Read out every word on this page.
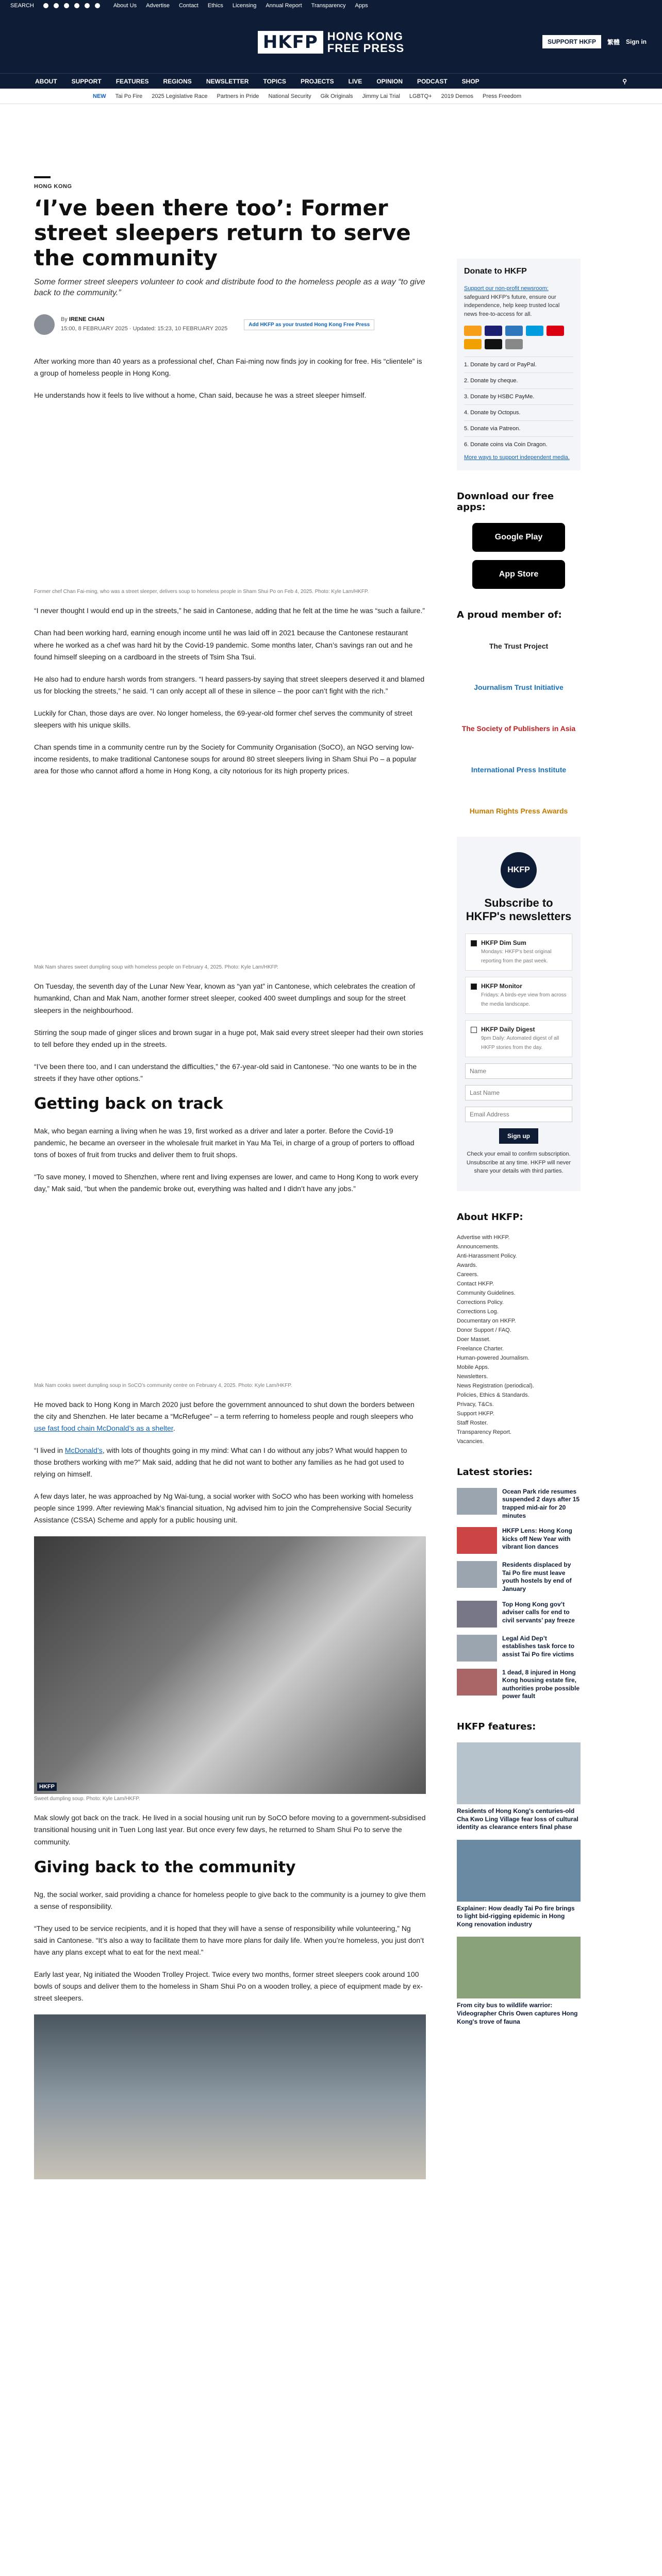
SEARCH	About Us Advertise Contact Ethics Licensing Annual Report Transparency Apps
HKFP HONG KONG
FREE PRESS	SUPPORT HKFP	繁體 Sign in
ABOUT SUPPORT FEATURES REGIONS NEWSLETTER TOPICS PROJECTS LIVE OPINION PODCAST SHOP	⚲
NEW Tai Po Fire 2025 Legislative Race Partners in Pride National Security Gik Originals Jimmy Lai Trial LGBTQ+ 2019 Demos Press Freedom
HONG KONG
‘I’ve been there too’: Former street sleepers return to serve the community

Some former street sleepers volunteer to cook and distribute food to the homeless people as a way “to give back to the community.”

By IRENE CHAN
15:00, 8 FEBRUARY 2025 · Updated: 15:23, 10 FEBRUARY 2025
Add HKFP as your trusted Hong Kong Free Press

After working more than 40 years as a professional chef, Chan Fai-ming now finds joy in cooking for free. His “clientele” is a group of homeless people in Hong Kong.

He understands how it feels to live without a home, Chan said, because he was a street sleeper himself.

Former chef Chan Fai-ming, who was a street sleeper, delivers soup to homeless people in Sham Shui Po on Feb 4, 2025. Photo: Kyle Lam/HKFP.

“I never thought I would end up in the streets,” he said in Cantonese, adding that he felt at the time he was “such a failure.”

Chan had been working hard, earning enough income until he was laid off in 2021 because the Cantonese restaurant where he worked as a chef was hard hit by the Covid-19 pandemic. Some months later, Chan’s savings ran out and he found himself sleeping on a cardboard in the streets of Tsim Sha Tsui.

He also had to endure harsh words from strangers. “I heard passers-by saying that street sleepers deserved it and blamed us for blocking the streets,” he said. “I can only accept all of these in silence – the poor can’t fight with the rich.”

Luckily for Chan, those days are over. No longer homeless, the 69-year-old former chef serves the community of street sleepers with his unique skills.

Chan spends time in a community centre run by the Society for Community Organisation (SoCO), an NGO serving low-income residents, to make traditional Cantonese soups for around 80 street sleepers living in Sham Shui Po – a popular area for those who cannot afford a home in Hong Kong, a city notorious for its high property prices.

Mak Nam shares sweet dumpling soup with homeless people on February 4, 2025. Photo: Kyle Lam/HKFP.

On Tuesday, the seventh day of the Lunar New Year, known as “yan yat” in Cantonese, which celebrates the creation of humankind, Chan and Mak Nam, another former street sleeper, cooked 400 sweet dumplings and soup for the street sleepers in the neighbourhood.

Stirring the soup made of ginger slices and brown sugar in a huge pot, Mak said every street sleeper had their own stories to tell before they ended up in the streets.

“I’ve been there too, and I can understand the difficulties,” the 67-year-old said in Cantonese. “No one wants to be in the streets if they have other options.”

Getting back on track

Mak, who began earning a living when he was 19, first worked as a driver and later a porter. Before the Covid-19 pandemic, he became an overseer in the wholesale fruit market in Yau Ma Tei, in charge of a group of porters to offload tons of boxes of fruit from trucks and deliver them to fruit shops.

“To save money, I moved to Shenzhen, where rent and living expenses are lower, and came to Hong Kong to work every day,” Mak said, “but when the pandemic broke out, everything was halted and I didn’t have any jobs.”

Mak Nam cooks sweet dumpling soup in SoCO’s community centre on February 4, 2025. Photo: Kyle Lam/HKFP.

He moved back to Hong Kong in March 2020 just before the government announced to shut down the borders between the city and Shenzhen. He later became a “McRefugee” – a term referring to homeless people and rough sleepers who use fast food chain McDonald’s as a shelter.

“I lived in McDonald’s, with lots of thoughts going in my mind: What can I do without any jobs? What would happen to those brothers working with me?” Mak said, adding that he did not want to bother any families as he had got used to relying on himself.

A few days later, he was approached by Ng Wai-tung, a social worker with SoCO who has been working with homeless people since 1999. After reviewing Mak’s financial situation, Ng advised him to join the Comprehensive Social Security Assistance (CSSA) Scheme and apply for a public housing unit.

HKFP
Sweet dumpling soup. Photo: Kyle Lam/HKFP.

Mak slowly got back on the track. He lived in a social housing unit run by SoCO before moving to a government-subsidised transitional housing unit in Tuen Long last year. But once every few days, he returned to Sham Shui Po to serve the community.

Giving back to the community

Ng, the social worker, said providing a chance for homeless people to give back to the community is a journey to give them a sense of responsibility.

“They used to be service recipients, and it is hoped that they will have a sense of responsibility while volunteering,” Ng said in Cantonese. “It’s also a way to facilitate them to have more plans for daily life. When you’re homeless, you just don’t have any plans except what to eat for the next meal.”

Early last year, Ng initiated the Wooden Trolley Project. Twice every two months, former street sleepers cook around 100 bowls of soups and deliver them to the homeless in Sham Shui Po on a wooden trolley, a piece of equipment made by ex-street sleepers.

Donate to HKFP
Support our non-profit newsroom:
safeguard HKFP's future, ensure our independence, help keep trusted local news free-to-access for all.
1. Donate by card or PayPal.
2. Donate by cheque.
3. Donate by HSBC PayMe.
4. Donate by Octopus.
5. Donate via Patreon.
6. Donate coins via Coin Dragon.
More ways to support independent media.
Download our free apps:
Google Play
App Store
A proud member of:
The Trust Project
Journalism Trust Initiative
The Society of Publishers in Asia
International Press Institute
Human Rights Press Awards
HKFP
Subscribe to HKFP's newsletters
HKFP Dim Sum
Mondays: HKFP's best original reporting from the past week.
HKFP Monitor
Fridays: A birds-eye view from across the media landscape.
HKFP Daily Digest
9pm Daily: Automated digest of all HKFP stories from the day.
Name Last Name Email Address
Sign up
Check your email to confirm subscription. Unsubscribe at any time. HKFP will never share your details with third parties.
About HKFP:
Advertise with HKFP.
Announcements.
Anti-Harassment Policy.
Awards.
Careers.
Contact HKFP.
Community Guidelines.
Corrections Policy.
Corrections Log.
Documentary on HKFP.
Donor Support / FAQ.
Doer Masset.
Freelance Charter.
Human-powered Journalism.
Mobile Apps.
Newsletters.
News Registration (periodical).
Policies, Ethics & Standards.
Privacy, T&Cs.
Support HKFP.
Staff Roster.
Transparency Report.
Vacancies.
Latest stories:
Ocean Park ride resumes suspended 2 days after 15 trapped mid-air for 20 minutes
HKFP Lens: Hong Kong kicks off New Year with vibrant lion dances
Residents displaced by Tai Po fire must leave youth hostels by end of January
Top Hong Kong gov’t adviser calls for end to civil servants’ pay freeze
Legal Aid Dep’t establishes task force to assist Tai Po fire victims
1 dead, 8 injured in Hong Kong housing estate fire, authorities probe possible power fault
HKFP features:
Residents of Hong Kong's centuries-old Cha Kwo Ling Village fear loss of cultural identity as clearance enters final phase
Explainer: How deadly Tai Po fire brings to light bid-rigging epidemic in Hong Kong renovation industry
From city bus to wildlife warrior: Videographer Chris Owen captures Hong Kong's trove of fauna
